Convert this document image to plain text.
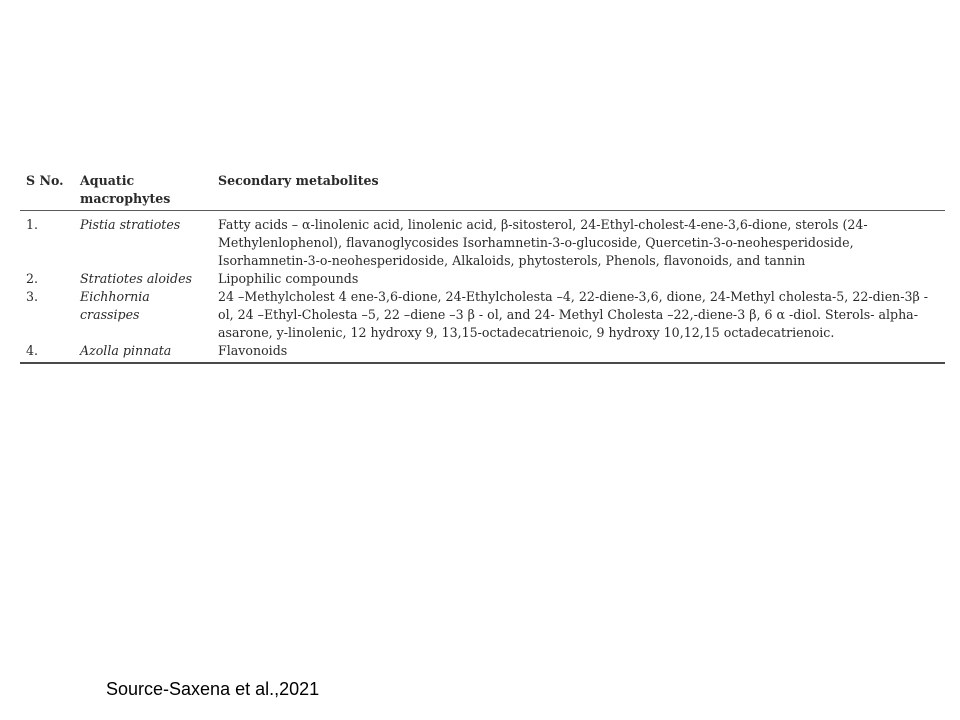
S No.	Aquatic macrophytes	Secondary metabolites
1.	Pistia stratiotes	Fatty acids – α-linolenic acid, linolenic acid, β-sitosterol, 24-Ethyl-cholest-4-ene-3,6-dione, sterols (24-Methylenlophenol), flavanoglycosides Isorhamnetin-3-o-glucoside, Quercetin-3-o-neohesperidoside, Isorhamnetin-3-o-neohesperidoside, Alkaloids, phytosterols, Phenols, flavonoids, and tannin
2.	Stratiotes aloides	Lipophilic compounds
3.	Eichhornia crassipes	24 –Methylcholest 4 ene-3,6-dione, 24-Ethylcholesta –4, 22-diene-3,6, dione, 24-Methyl cholesta-5, 22-dien-3β -ol, 24 –Ethyl-Cholesta –5, 22 –diene –3 β - ol, and 24- Methyl Cholesta –22,-diene-3 β, 6 α -diol. Sterols- alpha-asarone, y-linolenic, 12 hydroxy 9, 13,15-octadecatrienoic, 9 hydroxy 10,12,15 octadecatrienoic.
4.	Azolla pinnata	Flavonoids
Source-Saxena et al.,2021
